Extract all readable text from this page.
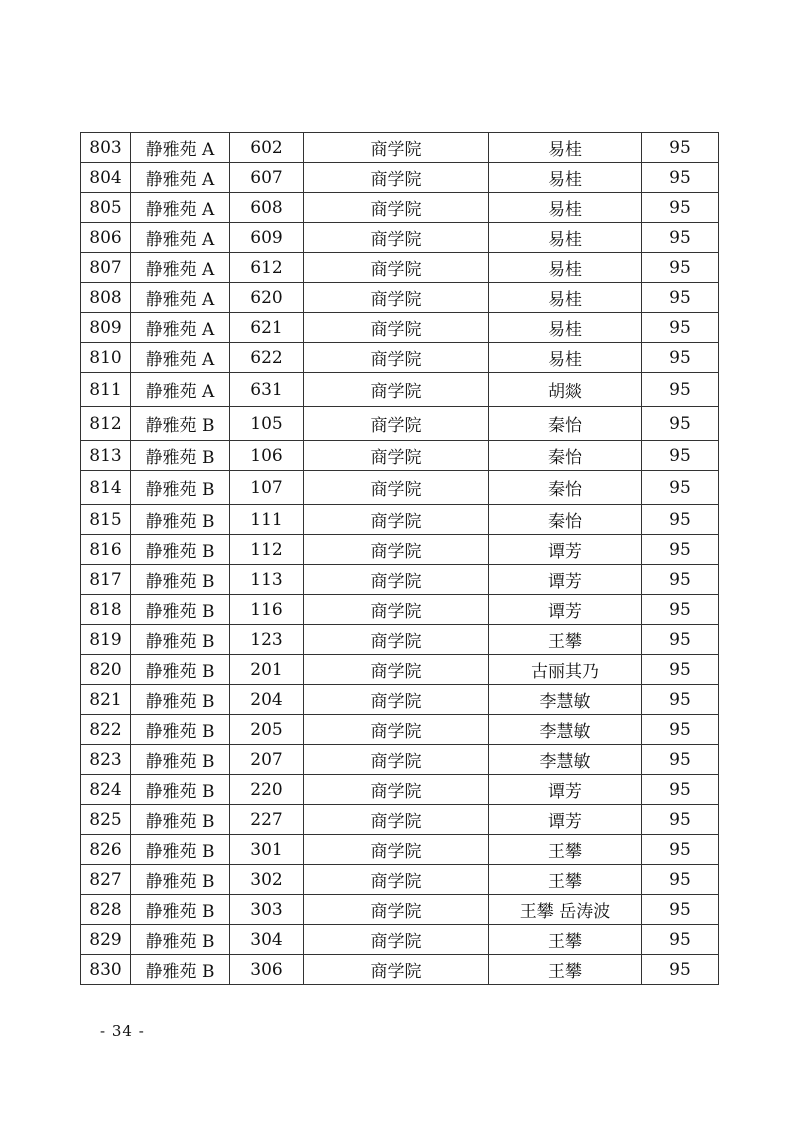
803	静雅苑 A	602	商学院	易桂	95
804	静雅苑 A	607	商学院	易桂	95
805	静雅苑 A	608	商学院	易桂	95
806	静雅苑 A	609	商学院	易桂	95
807	静雅苑 A	612	商学院	易桂	95
808	静雅苑 A	620	商学院	易桂	95
809	静雅苑 A	621	商学院	易桂	95
810	静雅苑 A	622	商学院	易桂	95
811	静雅苑 A	631	商学院	胡燚	95
812	静雅苑 B	105	商学院	秦怡	95
813	静雅苑 B	106	商学院	秦怡	95
814	静雅苑 B	107	商学院	秦怡	95
815	静雅苑 B	111	商学院	秦怡	95
816	静雅苑 B	112	商学院	谭芳	95
817	静雅苑 B	113	商学院	谭芳	95
818	静雅苑 B	116	商学院	谭芳	95
819	静雅苑 B	123	商学院	王攀	95
820	静雅苑 B	201	商学院	古丽其乃	95
821	静雅苑 B	204	商学院	李慧敏	95
822	静雅苑 B	205	商学院	李慧敏	95
823	静雅苑 B	207	商学院	李慧敏	95
824	静雅苑 B	220	商学院	谭芳	95
825	静雅苑 B	227	商学院	谭芳	95
826	静雅苑 B	301	商学院	王攀	95
827	静雅苑 B	302	商学院	王攀	95
828	静雅苑 B	303	商学院	王攀 岳涛波	95
829	静雅苑 B	304	商学院	王攀	95
830	静雅苑 B	306	商学院	王攀	95
- 34 -
